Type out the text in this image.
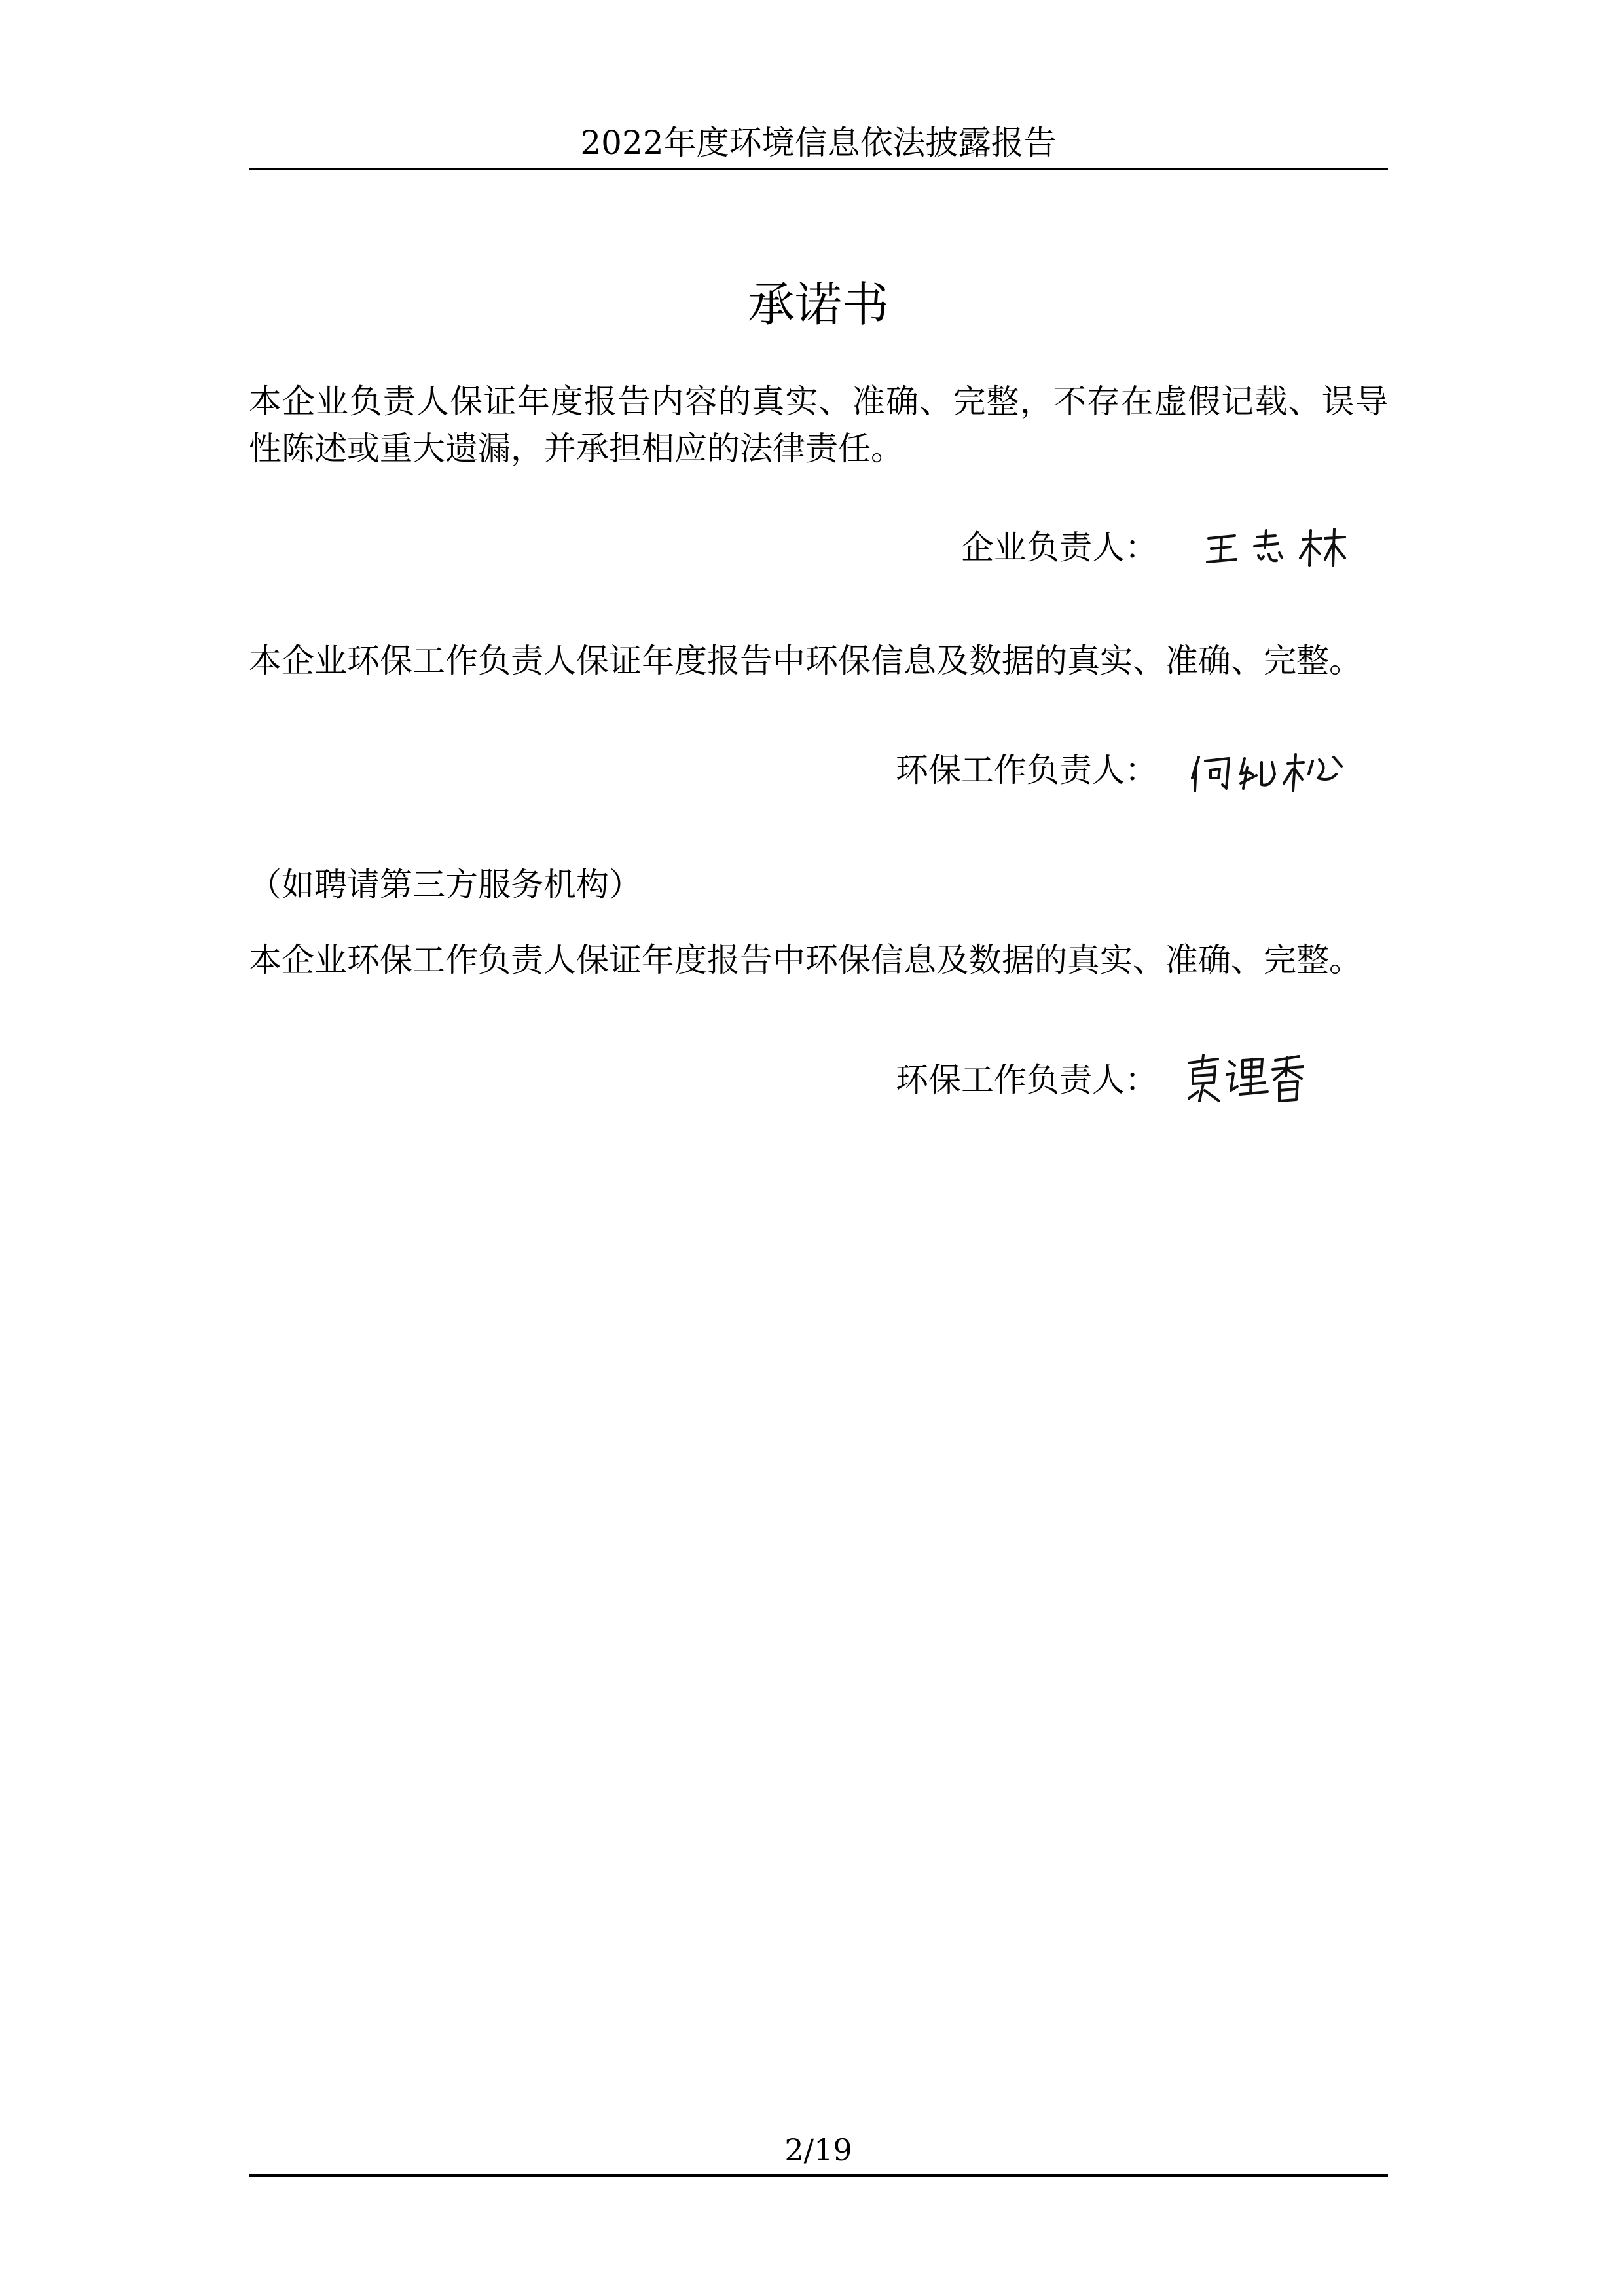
2022年度环境信息依法披露报告
承诺书
本企业负责人保证年度报告内容的真实、准确、完整，不存在虚假记载、误导性陈述或重大遗漏，并承担相应的法律责任。
企业负责人：
本企业环保工作负责人保证年度报告中环保信息及数据的真实、准确、完整。
环保工作负责人：
（如聘请第三方服务机构）
本企业环保工作负责人保证年度报告中环保信息及数据的真实、准确、完整。
环保工作负责人：
2/19
